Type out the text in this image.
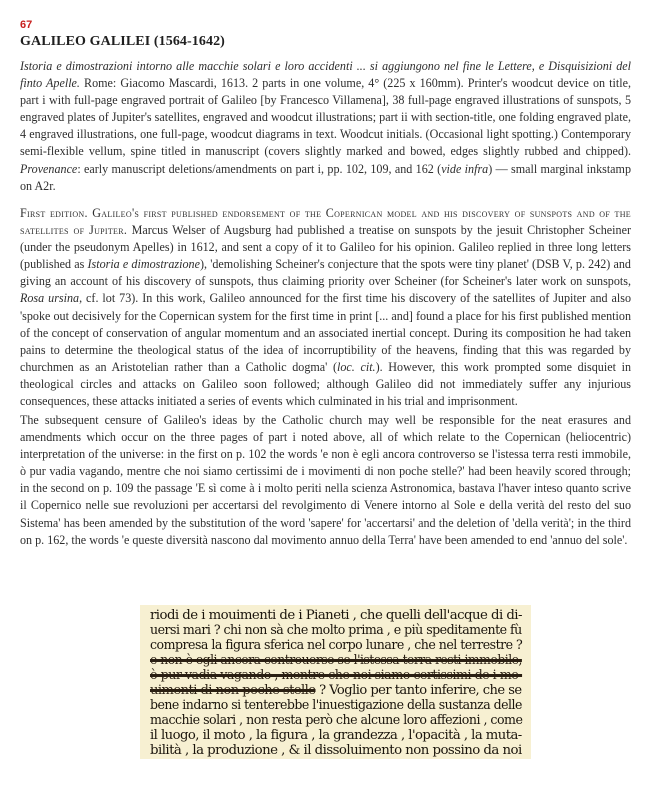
67
GALILEO GALILEI (1564-1642)

Istoria e dimostrazioni intorno alle macchie solari e loro accidenti ... si aggiungono nel fine le Lettere, e Disquisizioni del finto Apelle. Rome: Giacomo Mascardi, 1613. 2 parts in one volume, 4° (225 x 160mm). Printer's woodcut device on title, part i with full-page engraved portrait of Galileo [by Francesco Villamena], 38 full-page engraved illustrations of sunspots, 5 engraved plates of Jupiter's satellites, engraved and woodcut illustrations; part ii with section-title, one folding engraved plate, 4 engraved illustrations, one full-page, woodcut diagrams in text. Woodcut initials. (Occasional light spotting.) Contemporary semi-flexible vellum, spine titled in manuscript (covers slightly marked and bowed, edges slightly rubbed and chipped). Provenance: early manuscript deletions/amendments on part i, pp. 102, 109, and 162 (vide infra) — small marginal inkstamp on A2r.

First edition. Galileo's first published endorsement of the Copernican model and his discovery of sunspots and of the satellites of Jupiter. Marcus Welser of Augsburg had published a treatise on sunspots by the jesuit Christopher Scheiner (under the pseudonym Apelles) in 1612, and sent a copy of it to Galileo for his opinion. Galileo replied in three long letters (published as Istoria e dimostrazione), 'demolishing Scheiner's conjecture that the spots were tiny planet' (DSB V, p. 242) and giving an account of his discovery of sunspots, thus claiming priority over Scheiner (for Scheiner's later work on sunspots, Rosa ursina, cf. lot 73). In this work, Galileo announced for the first time his discovery of the satellites of Jupiter and also 'spoke out decisively for the Copernican system for the first time in print [... and] found a place for his first published mention of the concept of conservation of angular momentum and an associated inertial concept. During its composition he had taken pains to determine the theological status of the idea of incorruptibility of the heavens, finding that this was regarded by churchmen as an Aristotelian rather than a Catholic dogma' (loc. cit.). However, this work prompted some disquiet in theological circles and attacks on Galileo soon followed; although Galileo did not immediately suffer any injurious consequences, these attacks initiated a series of events which culminated in his trial and imprisonment.

The subsequent censure of Galileo's ideas by the Catholic church may well be responsible for the neat erasures and amendments which occur on the three pages of part i noted above, all of which relate to the Copernican (heliocentric) interpretation of the universe: in the first on p. 102 the words 'e non è egli ancora controverso se l'istessa terra resti immobile, ò pur vadia vagando, mentre che noi siamo certissimi de i movimenti di non poche stelle?' had been heavily scored through; in the second on p. 109 the passage 'E sì come à i molto periti nella scienza Astronomica, bastava l'haver inteso quanto scrive il Copernico nelle sue revoluzioni per accertarsi del revolgimento di Venere intorno al Sole e della verità del resto del suo Sistema' has been amended by the substitution of the word 'sapere' for 'accertarsi' and the deletion of 'della verità'; in the third on p. 162, the words 'e queste diversità nascono dal movimento annuo della Terra' have been amended to end 'annuo del sole'.

riodi de i mouimenti de i Pianeti , che quelli dell'acque di di-
uersi mari ? chi non sà che molto prima , e più speditamente fù
compresa la figura sferica nel corpo lunare , che nel terrestre ?
e non è egli ancora controuerso se l'istessa terra resti immobile,
ò pur vadia vagando , mentre che noi siamo certissimi de i mo-
uimenti di non poche stelle ? Voglio per tanto inferire, che se
bene indarno si tenterebbe l'inuestigazione della sustanza delle
macchie solari , non resta però che alcune loro affezioni , come
il luogo, il moto , la figura , la grandezza , l'opacità , la muta-
bilità , la produzione , & il dissoluimento non possino da noi
